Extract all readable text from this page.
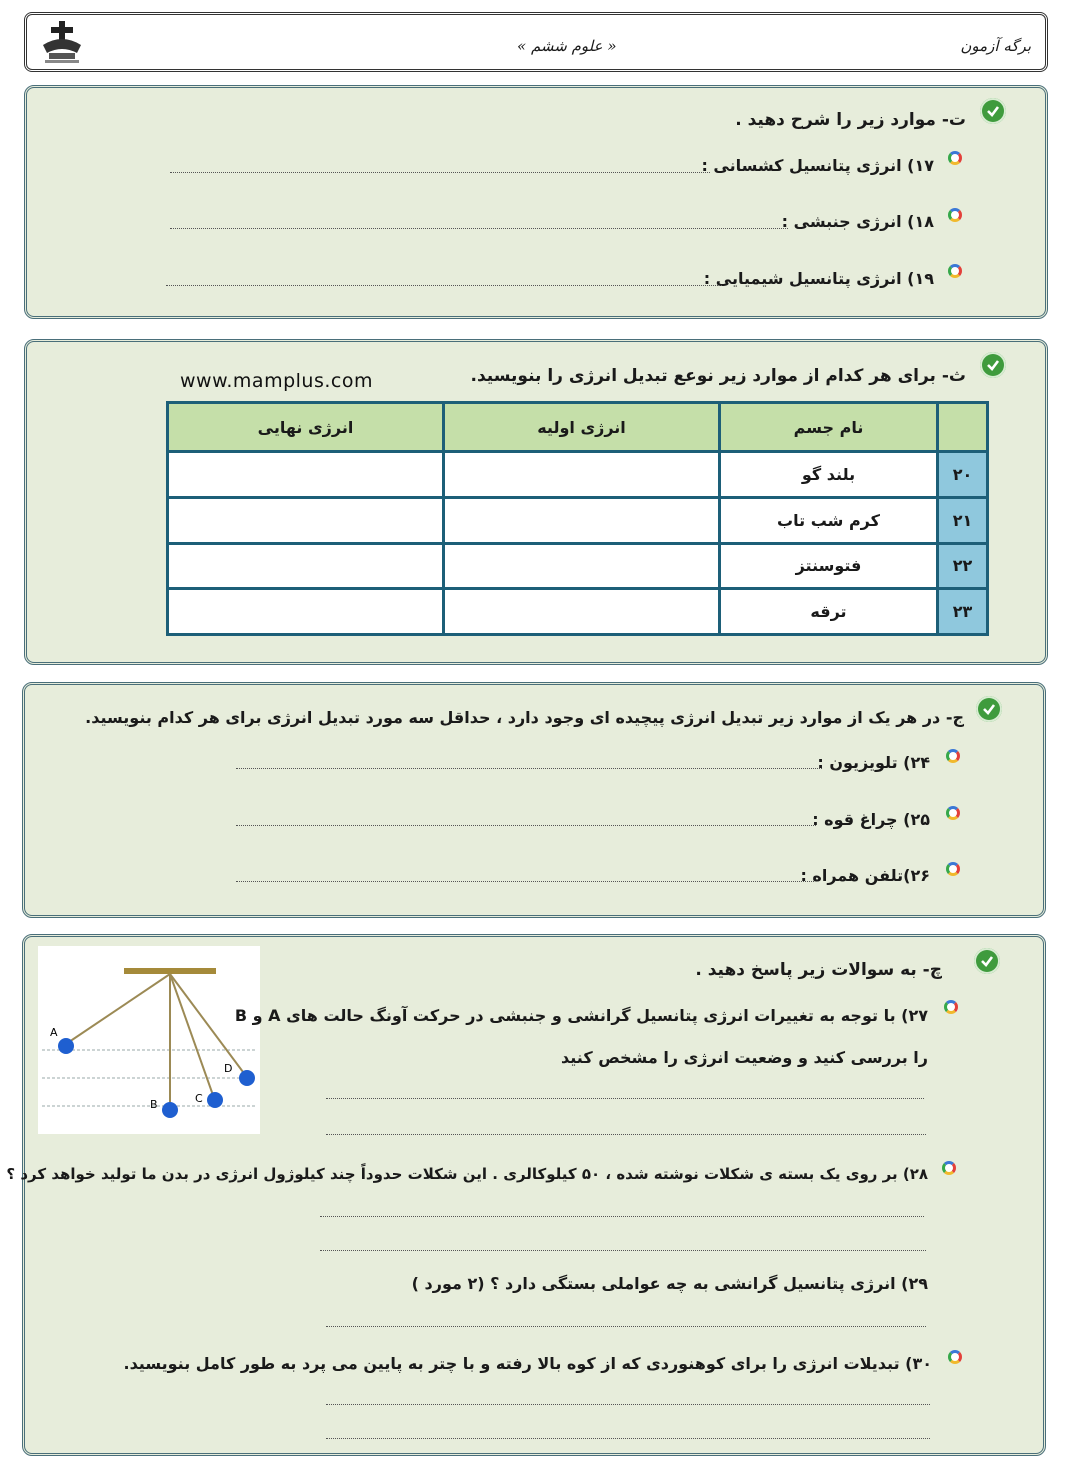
« علوم ششم »	برگه آزمون
ت- موارد زیر را شرح دهید .
۱۷) انرژی پتانسیل کشسانی :
۱۸) انرژی جنبشی :
۱۹) انرژی پتانسیل شیمیایی :
ث- برای هر کدام از موارد زیر نوعع تبدیل انرژی را بنویسید.
www.mamplus.com
	نام جسم	انرژی اولیه	انرژی نهایی
۲۰	بلند گو		
۲۱	کرم شب تاب		
۲۲	فتوسنتز		
۲۳	ترقه		
ج- در هر یک از موارد زیر تبدیل انرژی پیچیده ای وجود دارد ، حداقل سه مورد تبدیل انرژی برای هر کدام بنویسید.
۲۴) تلویزیون :
۲۵) چراغ قوه :
۲۶)تلفن همراه :
چ- به سوالات زیر پاسخ دهید .
A
B	C
D
۲۷) با توجه به تغییرات انرژی پتانسیل گرانشی و جنبشی در حرکت آونگ حالت های A و B
را بررسی کنید و وضعیت انرژی را مشخص کنید
۲۸) بر روی یک بسته ی شکلات نوشته شده ، ۵۰ کیلوکالری . این شکلات حدوداً چند کیلوژول انرژی در بدن ما تولید خواهد کرد ؟
۲۹) انرژی پتانسیل گرانشی به چه عواملی بستگی دارد ؟ (۲ مورد )
۳۰) تبدیلات انرژی را برای کوهنوردی که از کوه بالا رفته و با چتر به پایین می پرد به طور کامل بنویسید.
